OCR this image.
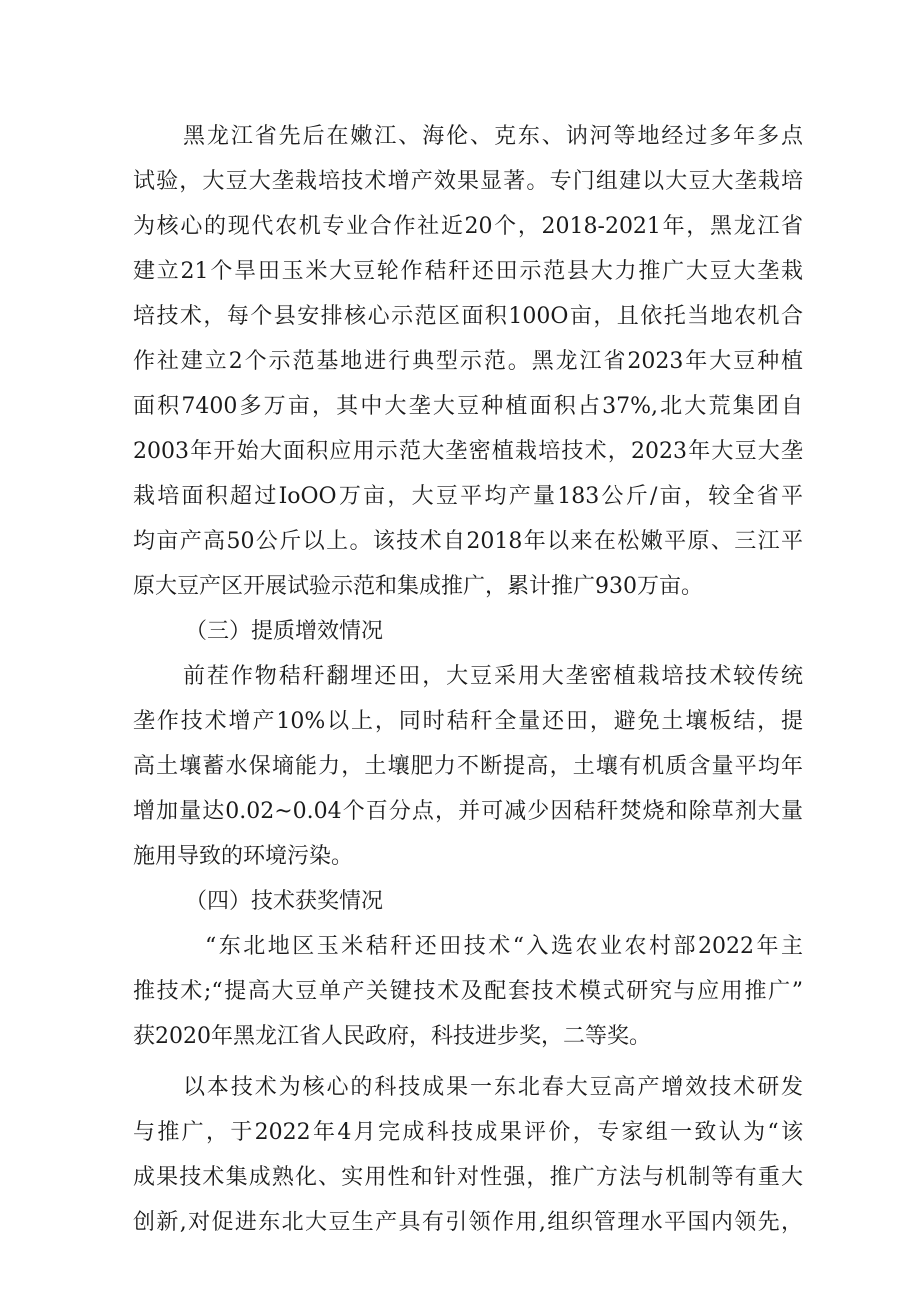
黑龙江省先后在嫩江、海伦、克东、讷河等地经过多年多点
试验，大豆大垄栽培技术增产效果显著。专门组建以大豆大垄栽培
为核心的现代农机专业合作社近20个，2018-2021年，黑龙江省
建立21个旱田玉米大豆轮作秸秆还田示范县大力推广大豆大垄栽
培技术，每个县安排核心示范区面积100O亩，且依托当地农机合
作社建立2个示范基地进行典型示范。黑龙江省2023年大豆种植
面积7400多万亩，其中大垄大豆种植面积占37%,北大荒集团自
2003年开始大面积应用示范大垄密植栽培技术，2023年大豆大垄
栽培面积超过IoOO万亩，大豆平均产量183公斤/亩，较全省平
均亩产高50公斤以上。该技术自2018年以来在松嫩平原、三江平
原大豆产区开展试验示范和集成推广，累计推广930万亩。
（三）提质增效情况
前茬作物秸秆翻埋还田，大豆采用大垄密植栽培技术较传统
垄作技术增产10%以上，同时秸秆全量还田，避免土壤板结，提
高土壤蓄水保墒能力，土壤肥力不断提高，土壤有机质含量平均年
增加量达0.02~0.04个百分点，并可减少因秸秆焚烧和除草剂大量
施用导致的环境污染。
（四）技术获奖情况
“东北地区玉米秸秆还田技术“入选农业农村部2022年主
推技术;“提高大豆单产关键技术及配套技术模式研究与应用推广”
获2020年黑龙江省人民政府，科技进步奖，二等奖。
以本技术为核心的科技成果一东北春大豆高产增效技术研发
与推广，于2022年4月完成科技成果评价，专家组一致认为“该
成果技术集成熟化、实用性和针对性强，推广方法与机制等有重大
创新,对促进东北大豆生产具有引领作用,组织管理水平国内领先，
